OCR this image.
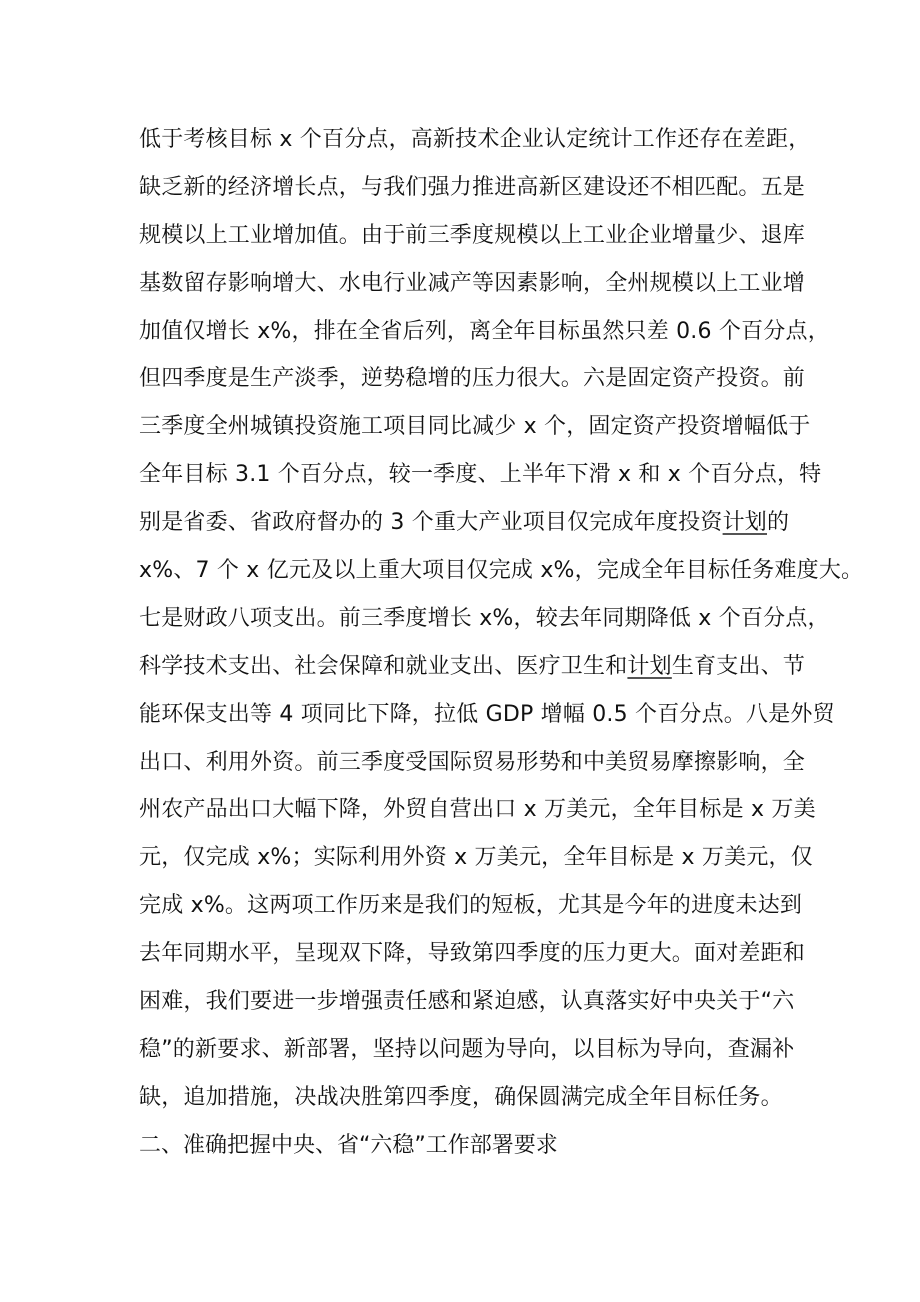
低于考核目标 x 个百分点，高新技术企业认定统计工作还存在差距，
缺乏新的经济增长点，与我们强力推进高新区建设还不相匹配。五是
规模以上工业增加值。由于前三季度规模以上工业企业增量少、退库
基数留存影响增大、水电行业减产等因素影响，全州规模以上工业增
加值仅增长 x%，排在全省后列，离全年目标虽然只差 0.6 个百分点，
但四季度是生产淡季，逆势稳增的压力很大。六是固定资产投资。前
三季度全州城镇投资施工项目同比减少 x 个，固定资产投资增幅低于
全年目标 3.1 个百分点，较一季度、上半年下滑 x 和 x 个百分点，特
别是省委、省政府督办的 3 个重大产业项目仅完成年度投资计划的
x%、7 个 x 亿元及以上重大项目仅完成 x%，完成全年目标任务难度大。
七是财政八项支出。前三季度增长 x%，较去年同期降低 x 个百分点，
科学技术支出、社会保障和就业支出、医疗卫生和计划生育支出、节
能环保支出等 4 项同比下降，拉低 GDP 增幅 0.5 个百分点。八是外贸
出口、利用外资。前三季度受国际贸易形势和中美贸易摩擦影响，全
州农产品出口大幅下降，外贸自营出口 x 万美元，全年目标是 x 万美
元，仅完成 x%；实际利用外资 x 万美元，全年目标是 x 万美元，仅
完成 x%。这两项工作历来是我们的短板，尤其是今年的进度未达到
去年同期水平，呈现双下降，导致第四季度的压力更大。面对差距和
困难，我们要进一步增强责任感和紧迫感，认真落实好中央关于“六
稳”的新要求、新部署，坚持以问题为导向，以目标为导向，查漏补
缺，追加措施，决战决胜第四季度，确保圆满完成全年目标任务。
二、准确把握中央、省“六稳”工作部署要求
